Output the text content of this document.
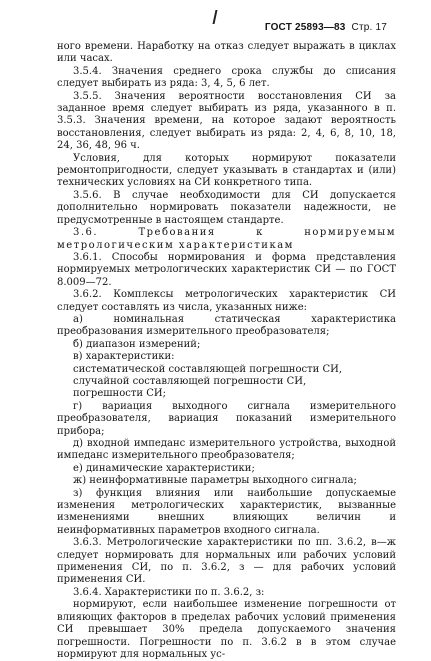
ГОСТ 25893—83 Стр. 17

ного времени. Наработку на отказ следует выражать в циклах или часах.

3.5.4. Значения среднего срока службы до списания следует выбирать из ряда: 3, 4, 5, 6 лет.

3.5.5. Значения вероятности восстановления СИ за заданное время следует выбирать из ряда, указанного в п. 3.5.3. Значения времени, на которое задают вероятность восстановления, следует выбирать из ряда: 2, 4, 6, 8, 10, 18, 24, 36, 48, 96 ч.

Условия, для которых нормируют показатели ремонтопригодности, следует указывать в стандартах и (или) технических условиях на СИ конкретного типа.

3.5.6. В случае необходимости для СИ допускается дополнительно нормировать показатели надежности, не предусмотренные в настоящем стандарте.

3.6. Требования к нормируемым метрологическим характеристикам

3.6.1. Способы нормирования и форма представления нормируемых метрологических характеристик СИ — по ГОСТ 8.009—72.

3.6.2. Комплексы метрологических характеристик СИ следует составлять из числа, указанных ниже:

а) номинальная статическая характеристика преобразования измерительного преобразователя;

б) диапазон измерений;

в) характеристики:

систематической составляющей погрешности СИ,

случайной составляющей погрешности СИ,

погрешности СИ;

г) вариация выходного сигнала измерительного преобразователя, вариация показаний измерительного прибора;

д) входной импеданс измерительного устройства, выходной импеданс измерительного преобразователя;

е) динамические характеристики;

ж) неинформативные параметры выходного сигнала;

з) функция влияния или наибольшие допускаемые изменения метрологических характеристик, вызванные изменениями внешних влияющих величин и неинформативных параметров входного сигнала.

3.6.3. Метрологические характеристики по пп. 3.6.2, в—ж следует нормировать для нормальных или рабочих условий применения СИ, по п. 3.6.2, з — для рабочих условий применения СИ.

3.6.4. Характеристики по п. 3.6.2, з:

нормируют, если наибольшее изменение погрешности от влияющих факторов в пределах рабочих условий применения СИ превышает 30% предела допускаемого значения погрешности. Погрешности по п. 3.6.2 в в этом случае нормируют для нормальных ус-
